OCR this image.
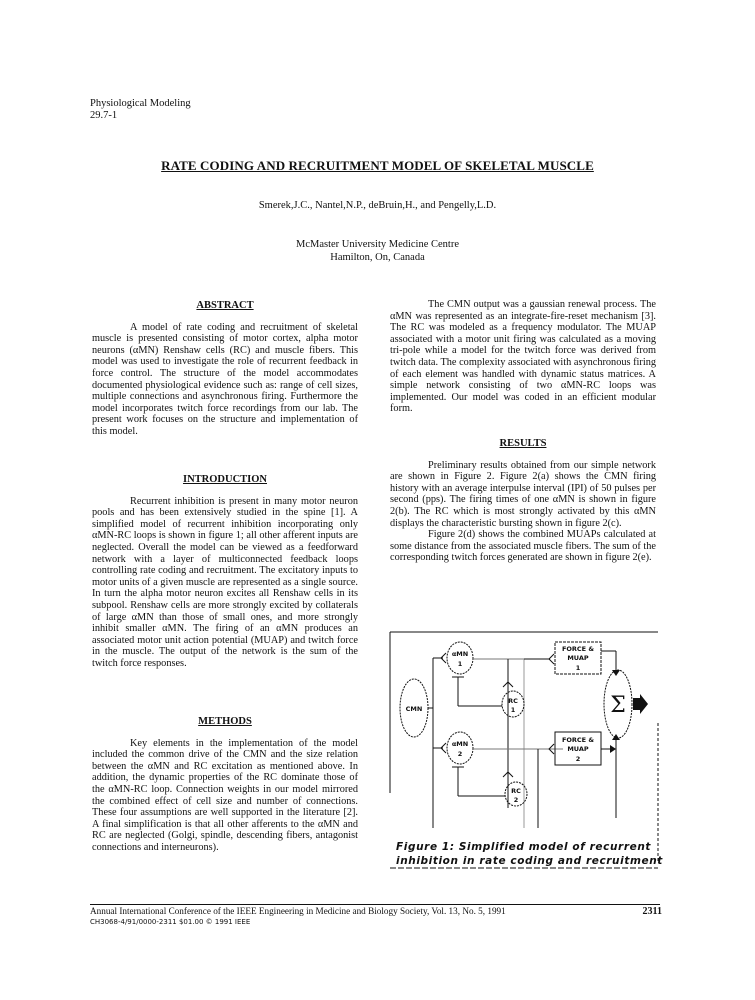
Physiological Modeling
29.7-1
RATE CODING AND RECRUITMENT MODEL OF SKELETAL MUSCLE
Smerek,J.C., Nantel,N.P., deBruin,H., and Pengelly,L.D.
McMaster University Medicine Centre
Hamilton, On, Canada
ABSTRACT

A model of rate coding and recruitment of skeletal muscle is presented consisting of motor cortex, alpha motor neurons (αMN) Renshaw cells (RC) and muscle fibers. This model was used to investigate the role of recurrent feedback in force control. The structure of the model accommodates documented physiological evidence such as: range of cell sizes, multiple connections and asynchronous firing. Furthermore the model incorporates twitch force recordings from our lab. The present work focuses on the structure and implementation of this model.

INTRODUCTION

Recurrent inhibition is present in many motor neuron pools and has been extensively studied in the spine [1]. A simplified model of recurrent inhibition incorporating only αMN-RC loops is shown in figure 1; all other afferent inputs are neglected. Overall the model can be viewed as a feedforward network with a layer of multiconnected feedback loops controlling rate coding and recruitment. The excitatory inputs to motor units of a given muscle are represented as a single source. In turn the alpha motor neuron excites all Renshaw cells in its subpool. Renshaw cells are more strongly excited by collaterals of large αMN than those of small ones, and more strongly inhibit smaller αMN. The firing of an αMN produces an associated motor unit action potential (MUAP) and twitch force in the muscle. The output of the network is the sum of the twitch force responses.

METHODS

Key elements in the implementation of the model included the common drive of the CMN and the size relation between the αMN and RC excitation as mentioned above. In addition, the dynamic properties of the RC dominate those of the αMN-RC loop. Connection weights in our model mirrored the combined effect of cell size and number of connections. These four assumptions are well supported in the literature [2]. A final simplification is that all other afferents to the αMN and RC are neglected (Golgi, spindle, descending fibers, antagonist connections and interneurons).

The CMN output was a gaussian renewal process. The αMN was represented as an integrate-fire-reset mechanism [3]. The RC was modeled as a frequency modulator. The MUAP associated with a motor unit firing was calculated as a moving tri-pole while a model for the twitch force was derived from twitch data. The complexity associated with asynchronous firing of each element was handled with dynamic status matrices. A simple network consisting of two αMN-RC loops was implemented. Our model was coded in an efficient modular form.

RESULTS

Preliminary results obtained from our simple network are shown in Figure 2. Figure 2(a) shows the CMN firing history with an average interpulse interval (IPI) of 50 pulses per second (pps). The firing times of one αMN is shown in figure 2(b). The RC which is most strongly activated by this αMN displays the characteristic bursting shown in figure 2(c).

Figure 2(d) shows the combined MUAPs calculated at some distance from the associated muscle fibers. The sum of the corresponding twitch forces generated are shown in figure 2(e).

CMN
αMN
1
αMN
2
RC
1
RC
2
FORCE &
MUAP
1
FORCE &
MUAP
2
Σ
Figure 1: Simplified model of recurrent
inhibition in rate coding and recruitment
Annual International Conference of the IEEE Engineering in Medicine and Biology Society, Vol. 13, No. 5, 1991	2311
CH3068-4/91/0000-2311 $01.00 © 1991 IEEE
